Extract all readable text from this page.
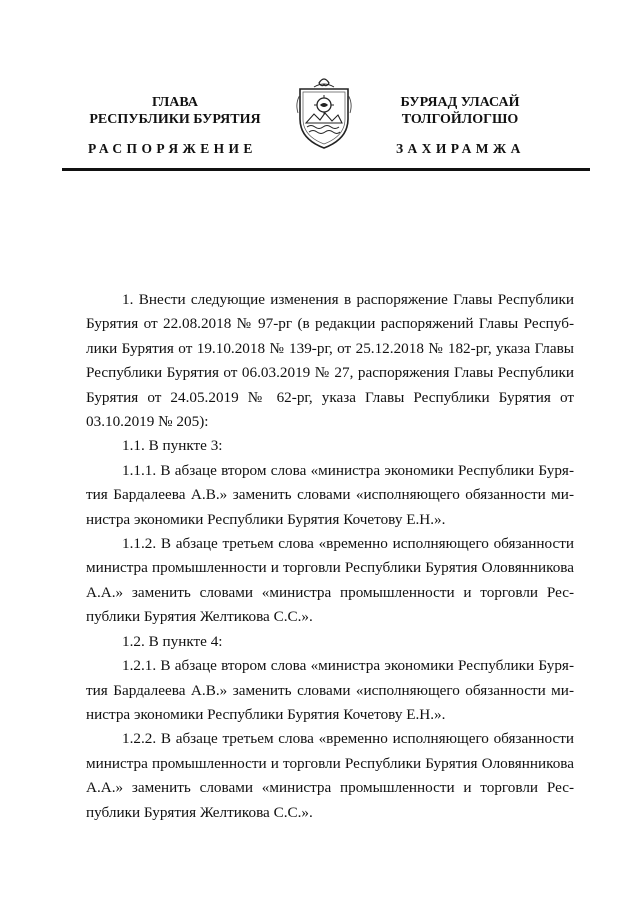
ГЛАВА
РЕСПУБЛИКИ БУРЯТИЯ
БУРЯАД УЛАСАЙ
ТОЛГОЙЛОГШО
РАСПОРЯЖЕНИЕ	ЗАХИРАМЖА

1. Внести следующие изменения в распоряжение Главы Республики Бурятия от 22.08.2018 № 97-рг (в редакции распоряжений Главы Республики Бурятия от 19.10.2018 № 139-рг, от 25.12.2018 № 182-рг, указа Главы Республики Бурятия от 06.03.2019 № 27, распоряжения Главы Республики Бурятия от 24.05.2019 № 62-рг, указа Главы Республики Бурятия от 03.10.2019 № 205):

1.1. В пункте 3:

1.1.1. В абзаце втором слова «министра экономики Республики Бурятия Бардалеева А.В.» заменить словами «исполняющего обязанности министра экономики Республики Бурятия Кочетову Е.Н.».

1.1.2. В абзаце третьем слова «временно исполняющего обязанности министра промышленности и торговли Республики Бурятия Оловянникова А.А.» заменить словами «министра промышленности и торговли Республики Бурятия Желтикова С.С.».

1.2. В пункте 4:

1.2.1. В абзаце втором слова «министра экономики Республики Бурятия Бардалеева А.В.» заменить словами «исполняющего обязанности министра экономики Республики Бурятия Кочетову Е.Н.».

1.2.2. В абзаце третьем слова «временно исполняющего обязанности министра промышленности и торговли Республики Бурятия Оловянникова А.А.» заменить словами «министра промышленности и торговли Республики Бурятия Желтикова С.С.».
